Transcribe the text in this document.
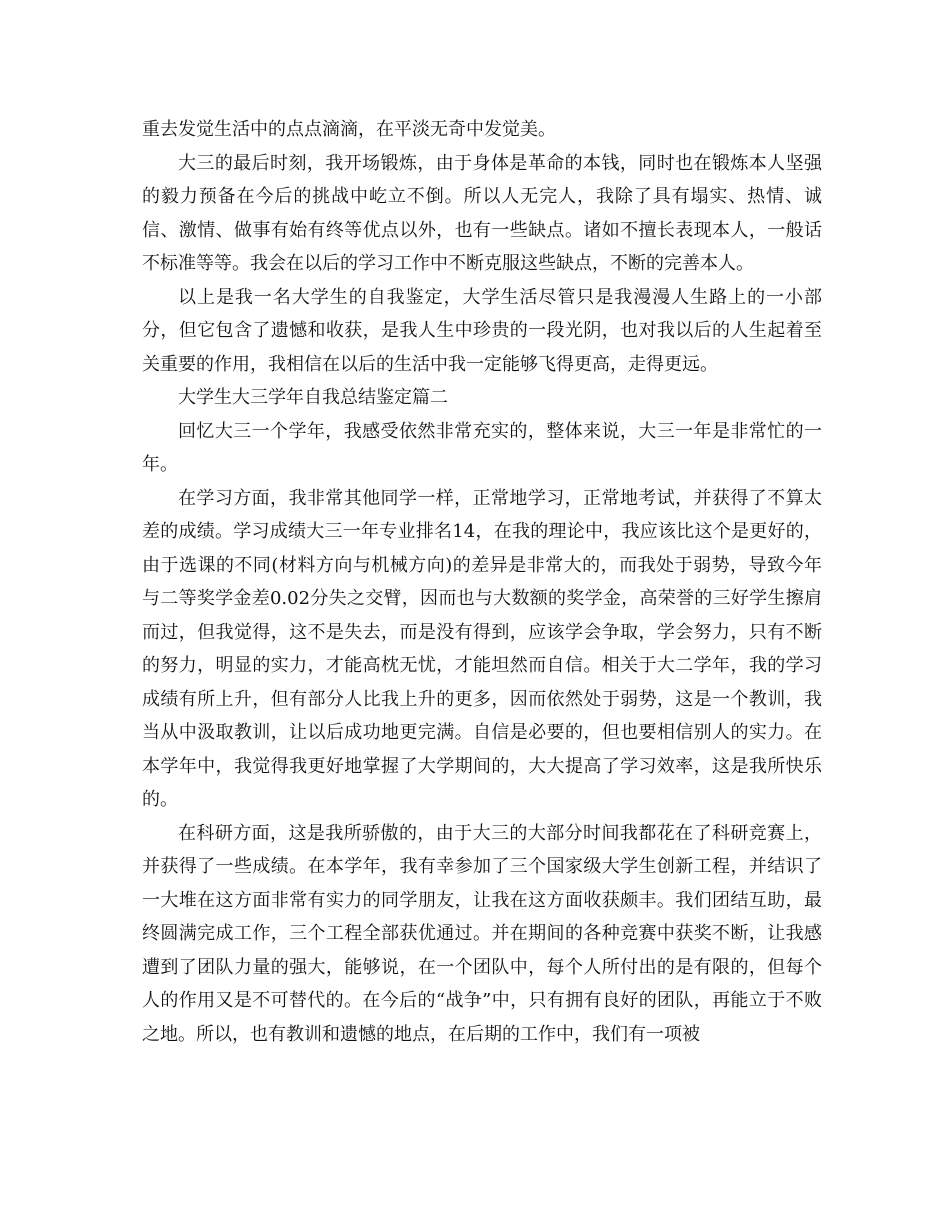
重去发觉生活中的点点滴滴，在平淡无奇中发觉美。

大三的最后时刻，我开场锻炼，由于身体是革命的本钱，同时也在锻炼本人坚强的毅力预备在今后的挑战中屹立不倒。所以人无完人，我除了具有塌实、热情、诚信、激情、做事有始有终等优点以外，也有一些缺点。诸如不擅长表现本人，一般话不标准等等。我会在以后的学习工作中不断克服这些缺点，不断的完善本人。

以上是我一名大学生的自我鉴定，大学生活尽管只是我漫漫人生路上的一小部分，但它包含了遗憾和收获，是我人生中珍贵的一段光阴，也对我以后的人生起着至关重要的作用，我相信在以后的生活中我一定能够飞得更高，走得更远。

大学生大三学年自我总结鉴定篇二

回忆大三一个学年，我感受依然非常充实的，整体来说，大三一年是非常忙的一年。

在学习方面，我非常其他同学一样，正常地学习，正常地考试，并获得了不算太差的成绩。学习成绩大三一年专业排名14，在我的理论中，我应该比这个是更好的，由于选课的不同(材料方向与机械方向)的差异是非常大的，而我处于弱势，导致今年与二等奖学金差0.02分失之交臂，因而也与大数额的奖学金，高荣誉的三好学生擦肩而过，但我觉得，这不是失去，而是没有得到，应该学会争取，学会努力，只有不断的努力，明显的实力，才能高枕无忧，才能坦然而自信。相关于大二学年，我的学习成绩有所上升，但有部分人比我上升的更多，因而依然处于弱势，这是一个教训，我当从中汲取教训，让以后成功地更完满。自信是必要的，但也要相信别人的实力。在本学年中，我觉得我更好地掌握了大学期间的，大大提高了学习效率，这是我所快乐的。

在科研方面，这是我所骄傲的，由于大三的大部分时间我都花在了科研竞赛上，并获得了一些成绩。在本学年，我有幸参加了三个国家级大学生创新工程，并结识了一大堆在这方面非常有实力的同学朋友，让我在这方面收获颇丰。我们团结互助，最终圆满完成工作，三个工程全部获优通过。并在期间的各种竞赛中获奖不断，让我感遭到了团队力量的强大，能够说，在一个团队中，每个人所付出的是有限的，但每个人的作用又是不可替代的。在今后的“战争”中，只有拥有良好的团队，再能立于不败之地。所以，也有教训和遗憾的地点，在后期的工作中，我们有一项被
